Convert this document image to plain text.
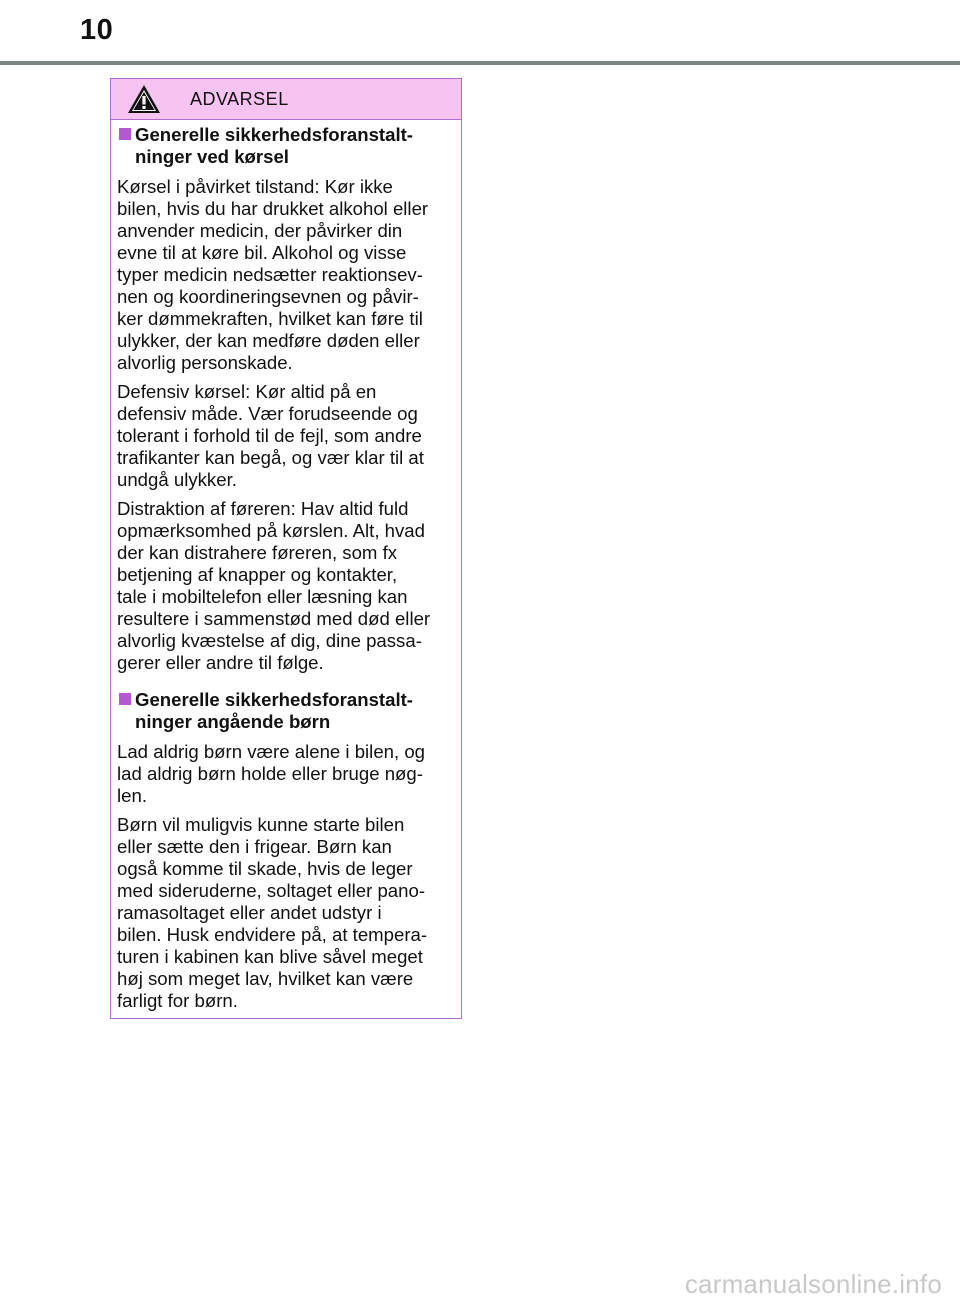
10
ADVARSEL
Generelle sikkerhedsforanstalt-
ninger ved kørsel
Kørsel i påvirket tilstand: Kør ikke
bilen, hvis du har drukket alkohol eller
anvender medicin, der påvirker din
evne til at køre bil. Alkohol og visse
typer medicin nedsætter reaktionsev-
nen og koordineringsevnen og påvir-
ker dømmekraften, hvilket kan føre til
ulykker, der kan medføre døden eller
alvorlig personskade.
Defensiv kørsel: Kør altid på en
defensiv måde. Vær forudseende og
tolerant i forhold til de fejl, som andre
trafikanter kan begå, og vær klar til at
undgå ulykker.
Distraktion af føreren: Hav altid fuld
opmærksomhed på kørslen. Alt, hvad
der kan distrahere føreren, som fx
betjening af knapper og kontakter,
tale i mobiltelefon eller læsning kan
resultere i sammenstød med død eller
alvorlig kvæstelse af dig, dine passa-
gerer eller andre til følge.
Generelle sikkerhedsforanstalt-
ninger angående børn
Lad aldrig børn være alene i bilen, og
lad aldrig børn holde eller bruge nøg-
len.
Børn vil muligvis kunne starte bilen
eller sætte den i frigear. Børn kan
også komme til skade, hvis de leger
med sideruderne, soltaget eller pano-
ramasoltaget eller andet udstyr i
bilen. Husk endvidere på, at tempera-
turen i kabinen kan blive såvel meget
høj som meget lav, hvilket kan være
farligt for børn.
carmanualsonline.info
